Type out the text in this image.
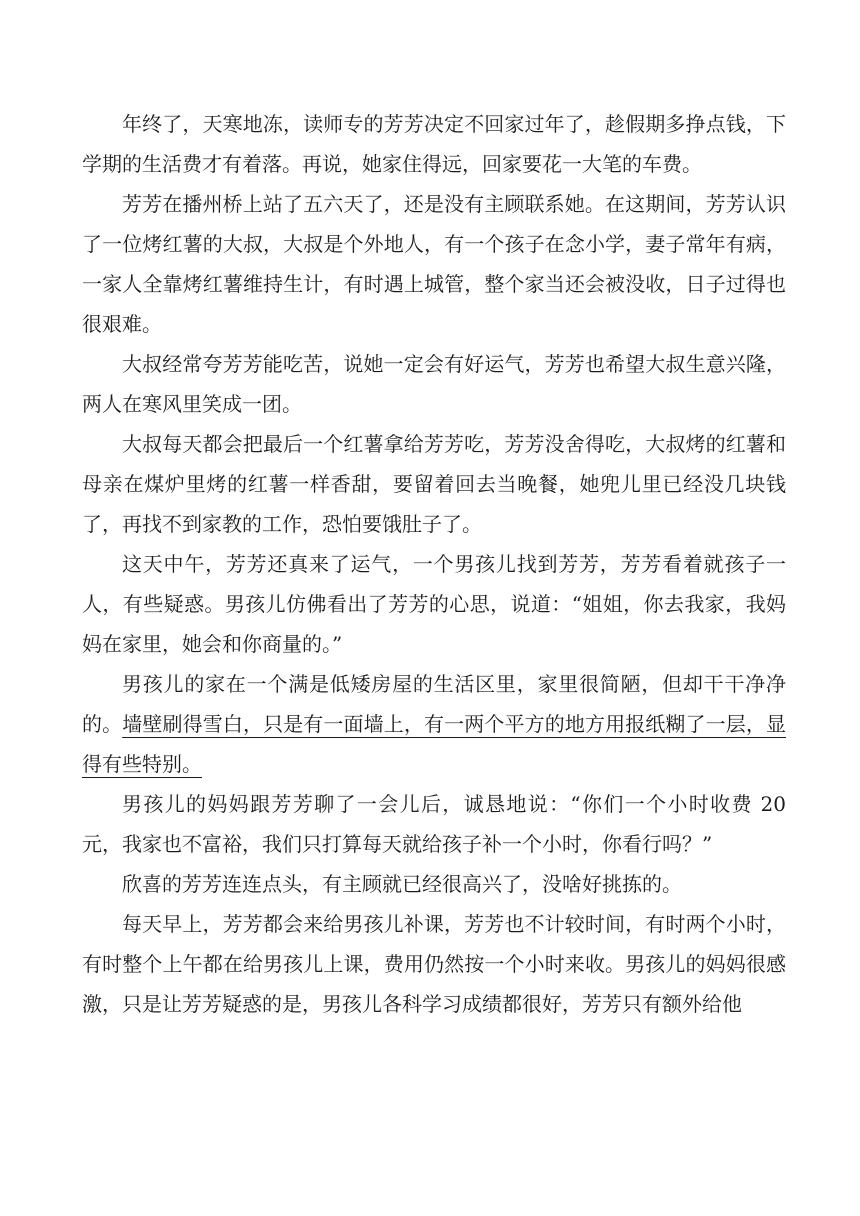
年终了，天寒地冻，读师专的芳芳决定不回家过年了，趁假期多挣点钱，下学期的生活费才有着落。再说，她家住得远，回家要花一大笔的车费。

芳芳在播州桥上站了五六天了，还是没有主顾联系她。在这期间，芳芳认识了一位烤红薯的大叔，大叔是个外地人，有一个孩子在念小学，妻子常年有病，一家人全靠烤红薯维持生计，有时遇上城管，整个家当还会被没收，日子过得也很艰难。

大叔经常夸芳芳能吃苦，说她一定会有好运气，芳芳也希望大叔生意兴隆，两人在寒风里笑成一团。

大叔每天都会把最后一个红薯拿给芳芳吃，芳芳没舍得吃，大叔烤的红薯和母亲在煤炉里烤的红薯一样香甜，要留着回去当晚餐，她兜儿里已经没几块钱了，再找不到家教的工作，恐怕要饿肚子了。

这天中午，芳芳还真来了运气，一个男孩儿找到芳芳，芳芳看着就孩子一人，有些疑惑。男孩儿仿佛看出了芳芳的心思，说道：“姐姐，你去我家，我妈妈在家里，她会和你商量的。”

男孩儿的家在一个满是低矮房屋的生活区里，家里很简陋，但却干干净净的。墙壁刷得雪白，只是有一面墙上，有一两个平方的地方用报纸糊了一层，显得有些特别。

男孩儿的妈妈跟芳芳聊了一会儿后，诚恳地说：“你们一个小时收费 20 元，我家也不富裕，我们只打算每天就给孩子补一个小时，你看行吗？”

欣喜的芳芳连连点头，有主顾就已经很高兴了，没啥好挑拣的。

每天早上，芳芳都会来给男孩儿补课，芳芳也不计较时间，有时两个小时，有时整个上午都在给男孩儿上课，费用仍然按一个小时来收。男孩儿的妈妈很感激，只是让芳芳疑惑的是，男孩儿各科学习成绩都很好，芳芳只有额外给他
